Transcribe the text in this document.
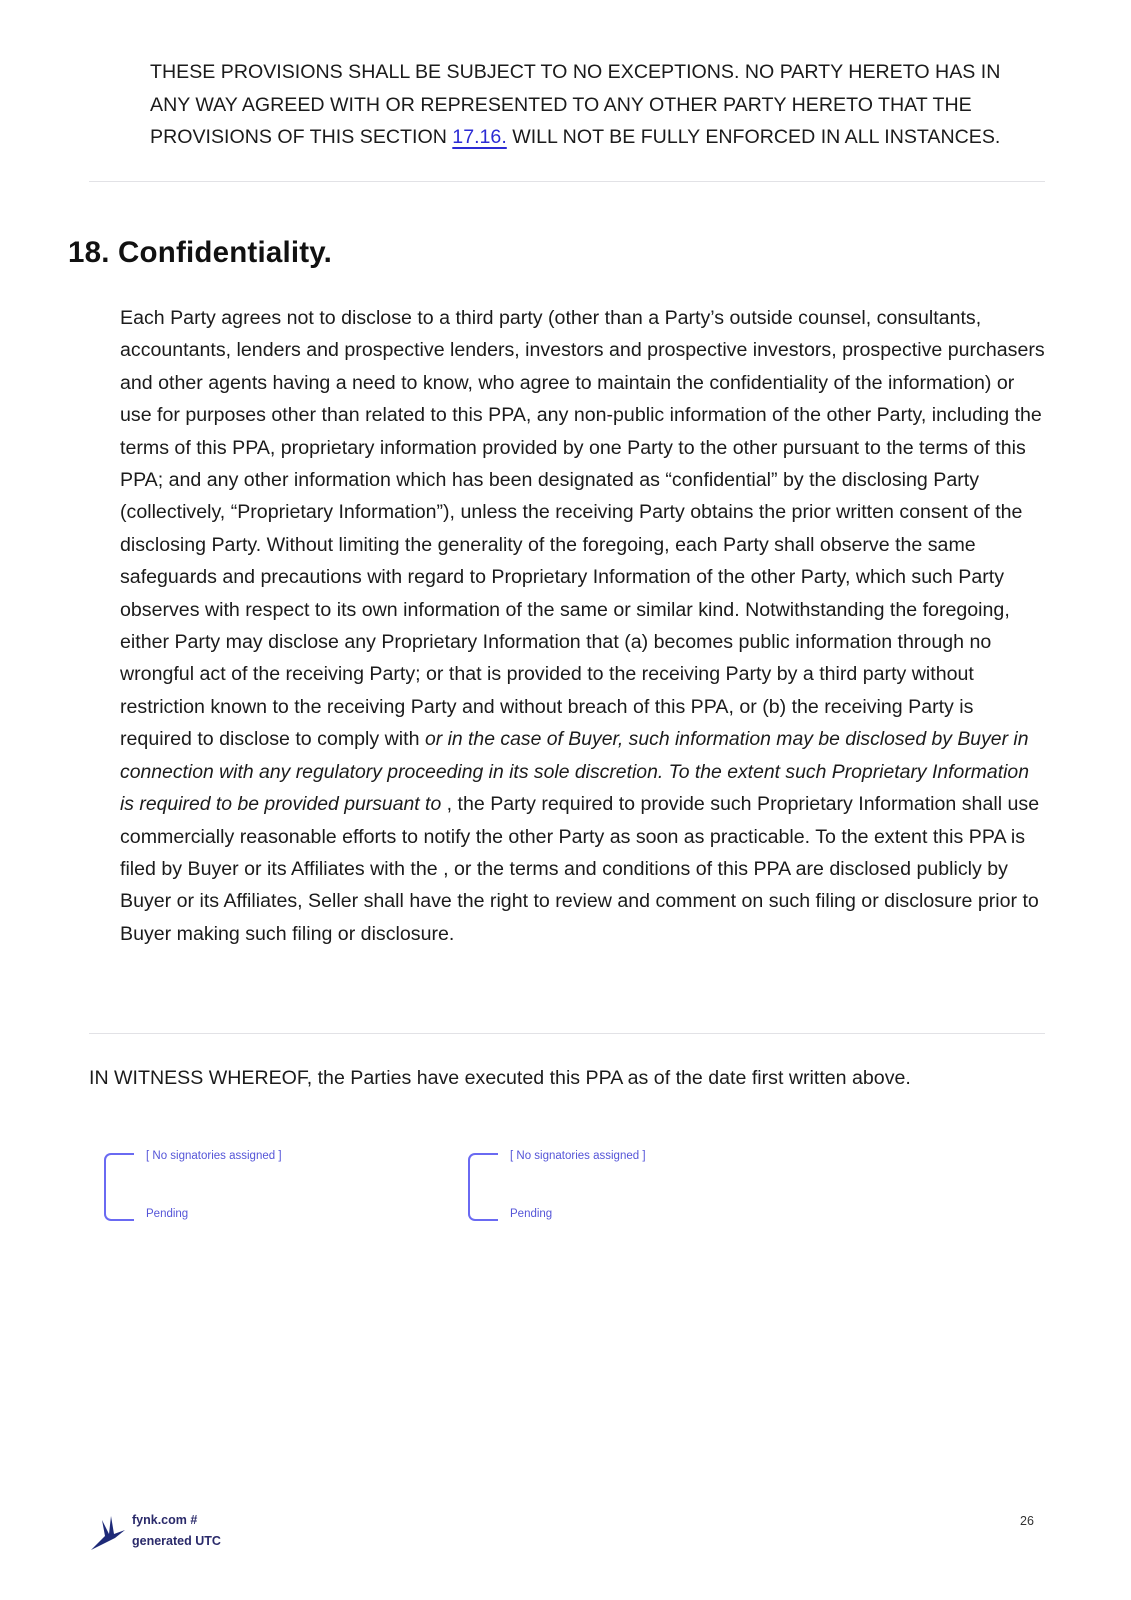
THESE PROVISIONS SHALL BE SUBJECT TO NO EXCEPTIONS. NO PARTY HERETO HAS IN ANY WAY AGREED WITH OR REPRESENTED TO ANY OTHER PARTY HERETO THAT THE PROVISIONS OF THIS SECTION 17.16. WILL NOT BE FULLY ENFORCED IN ALL INSTANCES.

18. Confidentiality.

Each Party agrees not to disclose to a third party (other than a Party’s outside counsel, consultants, accountants, lenders and prospective lenders, investors and prospective investors, prospective purchasers and other agents having a need to know, who agree to maintain the confidentiality of the information) or use for purposes other than related to this PPA, any non-public information of the other Party, including the terms of this PPA, proprietary information provided by one Party to the other pursuant to the terms of this PPA; and any other information which has been designated as “confidential” by the disclosing Party (collectively, “Proprietary Information”), unless the receiving Party obtains the prior written consent of the disclosing Party. Without limiting the generality of the foregoing, each Party shall observe the same safeguards and precautions with regard to Proprietary Information of the other Party, which such Party observes with respect to its own information of the same or similar kind. Notwithstanding the foregoing, either Party may disclose any Proprietary Information that (a) becomes public information through no wrongful act of the receiving Party; or that is provided to the receiving Party by a third party without restriction known to the receiving Party and without breach of this PPA, or (b) the receiving Party is required to disclose to comply with or in the case of Buyer, such information may be disclosed by Buyer in connection with any regulatory proceeding in its sole discretion. To the extent such Proprietary Information is required to be provided pursuant to , the Party required to provide such Proprietary Information shall use commercially reasonable efforts to notify the other Party as soon as practicable. To the extent this PPA is filed by Buyer or its Affiliates with the , or the terms and conditions of this PPA are disclosed publicly by Buyer or its Affiliates, Seller shall have the right to review and comment on such filing or disclosure prior to Buyer making such filing or disclosure.

IN WITNESS WHEREOF, the Parties have executed this PPA as of the date first written above.

[ No signatories assigned ]
Pending
[ No signatories assigned ]
Pending
fynk.com #
generated UTC
26
